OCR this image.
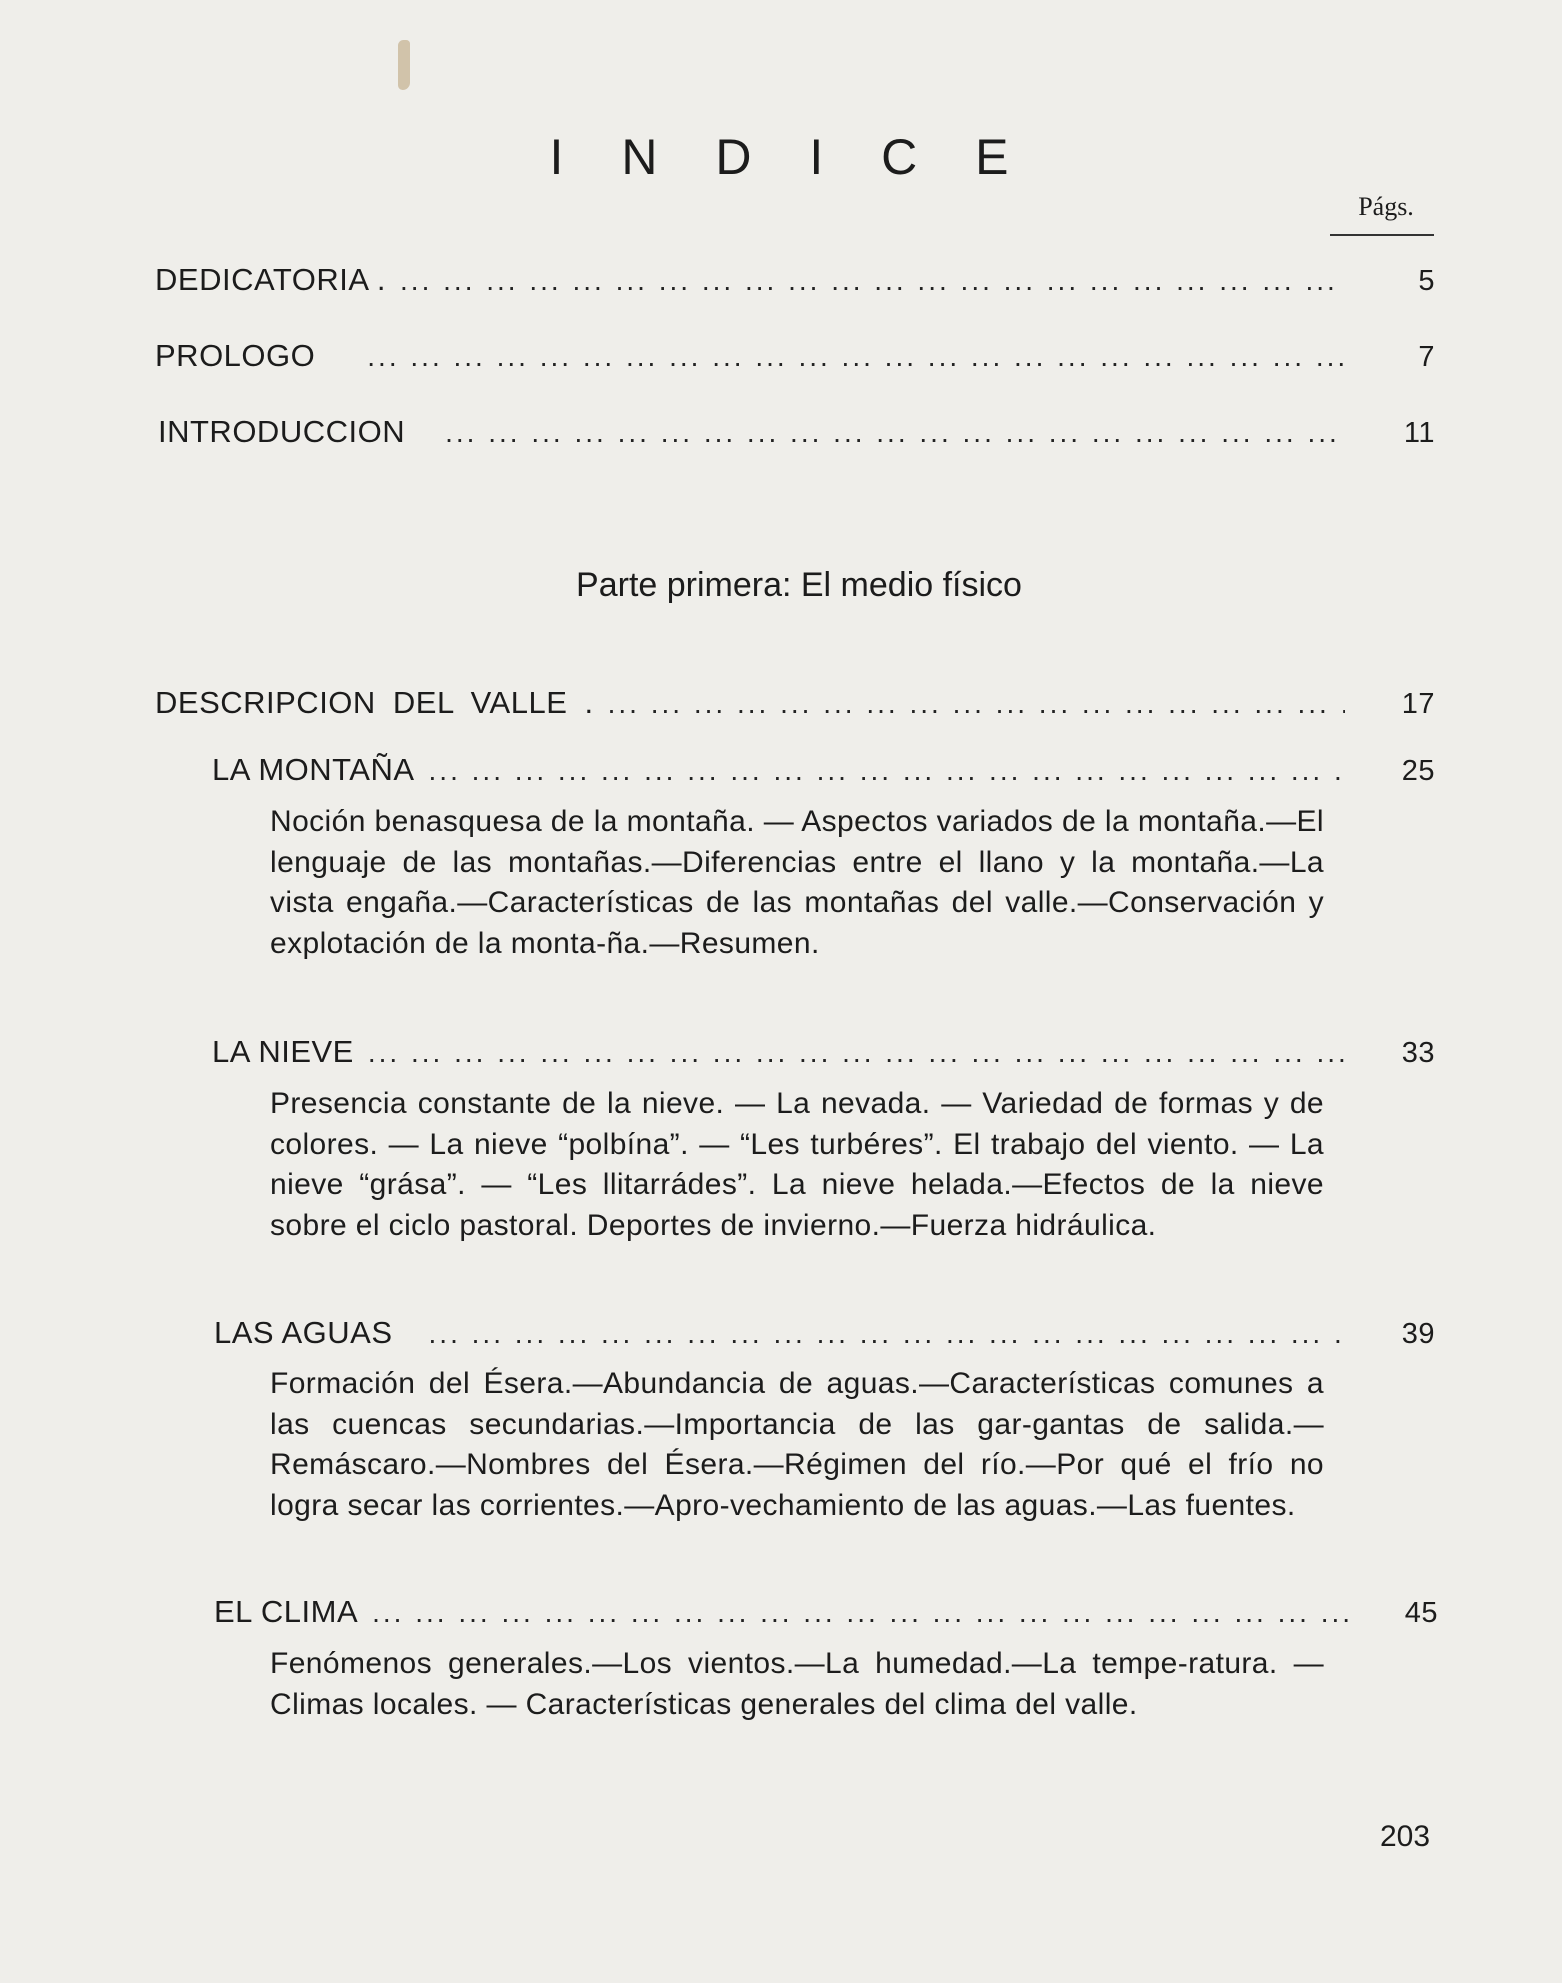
I N D I C E
Págs.
DEDICATORIA . ... .	5
PROLOGO ... .	7
INTRODUCCION ... .	11
Parte primera: El medio físico
DESCRIPCION DEL VALLE . ... .	17
LA MONTAÑA ... .	25
Noción benasquesa de la montaña. — Aspectos variados de la montaña.—El lenguaje de las montañas.—Diferencias entre el llano y la montaña.—La vista engaña.—Características de las montañas del valle.—Conservación y explotación de la monta-ña.—Resumen.
LA NIEVE ... .	33
Presencia constante de la nieve. — La nevada. — Variedad de formas y de colores. — La nieve “polbína”. — “Les turbéres”. El trabajo del viento. — La nieve “grása”. — “Les llitarrádes”. La nieve helada.—Efectos de la nieve sobre el ciclo pastoral. Deportes de invierno.—Fuerza hidráulica.
LAS AGUAS ... .	39
Formación del Ésera.—Abundancia de aguas.—Características comunes a las cuencas secundarias.—Importancia de las gar-gantas de salida.—Remáscaro.—Nombres del Ésera.—Régimen del río.—Por qué el frío no logra secar las corrientes.—Apro-vechamiento de las aguas.—Las fuentes.
EL CLIMA ... .	45
Fenómenos generales.—Los vientos.—La humedad.—La tempe-ratura. — Climas locales. — Características generales del clima del valle.
203
